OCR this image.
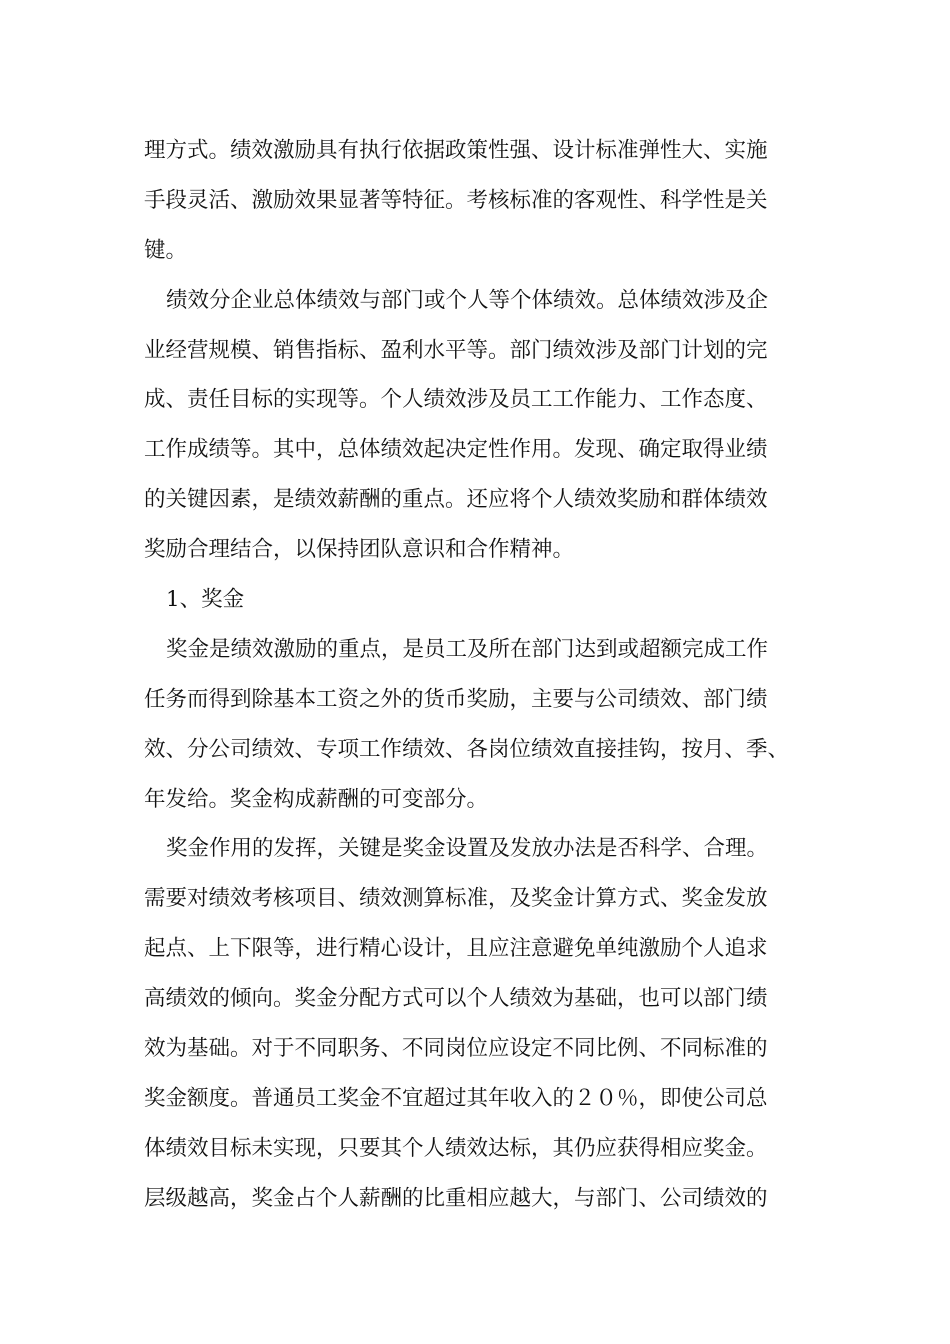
理方式。绩效激励具有执行依据政策性强、设计标准弹性大、实施
手段灵活、激励效果显著等特征。考核标准的客观性、科学性是关
键。
绩效分企业总体绩效与部门或个人等个体绩效。总体绩效涉及企
业经营规模、销售指标、盈利水平等。部门绩效涉及部门计划的完
成、责任目标的实现等。个人绩效涉及员工工作能力、工作态度、
工作成绩等。其中，总体绩效起决定性作用。发现、确定取得业绩
的关键因素，是绩效薪酬的重点。还应将个人绩效奖励和群体绩效
奖励合理结合，以保持团队意识和合作精神。
1、奖金
奖金是绩效激励的重点，是员工及所在部门达到或超额完成工作
任务而得到除基本工资之外的货币奖励，主要与公司绩效、部门绩
效、分公司绩效、专项工作绩效、各岗位绩效直接挂钩，按月、季、
年发给。奖金构成薪酬的可变部分。
奖金作用的发挥，关键是奖金设置及发放办法是否科学、合理。
需要对绩效考核项目、绩效测算标准，及奖金计算方式、奖金发放
起点、上下限等，进行精心设计，且应注意避免单纯激励个人追求
高绩效的倾向。奖金分配方式可以个人绩效为基础，也可以部门绩
效为基础。对于不同职务、不同岗位应设定不同比例、不同标准的
奖金额度。普通员工奖金不宜超过其年收入的２０％，即使公司总
体绩效目标未实现，只要其个人绩效达标，其仍应获得相应奖金。
层级越高，奖金占个人薪酬的比重相应越大，与部门、公司绩效的
